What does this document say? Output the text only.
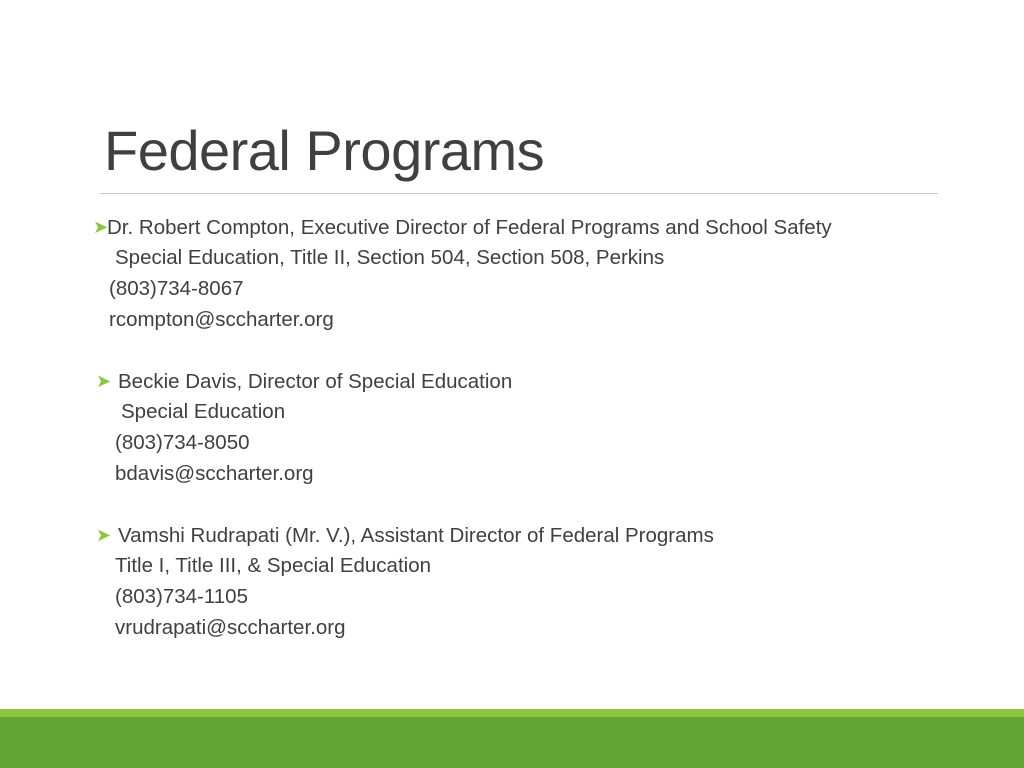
Federal Programs
➤Dr. Robert Compton, Executive Director of Federal Programs and School Safety
Special Education, Title II, Section 504, Section 508, Perkins
(803)734-8067
rcompton@sccharter.org
➤ Beckie Davis, Director of Special Education
Special Education
(803)734-8050
bdavis@sccharter.org
➤ Vamshi Rudrapati (Mr. V.), Assistant Director of Federal Programs
Title I, Title III, & Special Education
(803)734-1105
vrudrapati@sccharter.org
